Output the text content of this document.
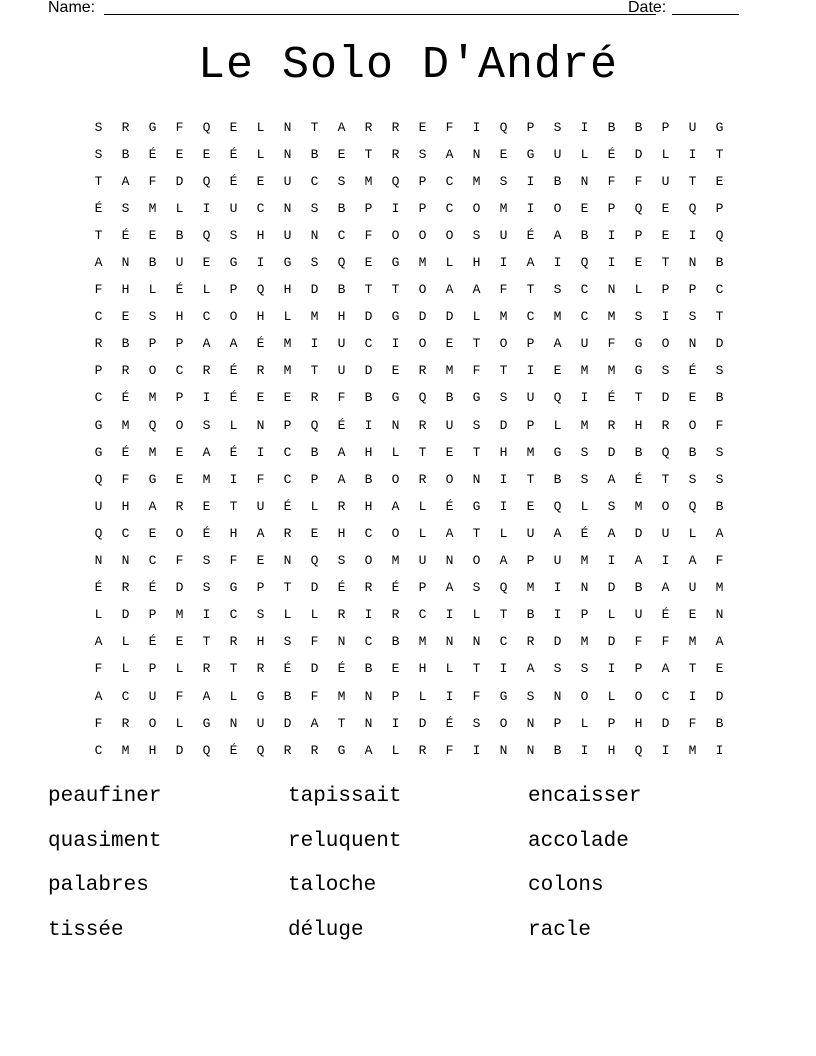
Name:	Date:
Le Solo D'André
S	R	G	F	Q	E	L	N	T	A	R	R	E	F	I	Q	P	S	I	B	B	P	U	G
S	B	É	E	E	É	L	N	B	E	T	R	S	A	N	E	G	U	L	É	D	L	I	T
T	A	F	D	Q	É	E	U	C	S	M	Q	P	C	M	S	I	B	N	F	F	U	T	E
É	S	M	L	I	U	C	N	S	B	P	I	P	C	O	M	I	O	E	P	Q	E	Q	P
T	É	E	B	Q	S	H	U	N	C	F	O	O	O	S	U	É	A	B	I	P	E	I	Q
A	N	B	U	E	G	I	G	S	Q	E	G	M	L	H	I	A	I	Q	I	E	T	N	B
F	H	L	É	L	P	Q	H	D	B	T	T	O	A	A	F	T	S	C	N	L	P	P	C
C	E	S	H	C	O	H	L	M	H	D	G	D	D	L	M	C	M	C	M	S	I	S	T
R	B	P	P	A	A	É	M	I	U	C	I	O	E	T	O	P	A	U	F	G	O	N	D
P	R	O	C	R	É	R	M	T	U	D	E	R	M	F	T	I	E	M	M	G	S	É	S
C	É	M	P	I	É	E	E	R	F	B	G	Q	B	G	S	U	Q	I	É	T	D	E	B
G	M	Q	O	S	L	N	P	Q	É	I	N	R	U	S	D	P	L	M	R	H	R	O	F
G	É	M	E	A	É	I	C	B	A	H	L	T	E	T	H	M	G	S	D	B	Q	B	S
Q	F	G	E	M	I	F	C	P	A	B	O	R	O	N	I	T	B	S	A	É	T	S	S
U	H	A	R	E	T	U	É	L	R	H	A	L	É	G	I	E	Q	L	S	M	O	Q	B
Q	C	E	O	É	H	A	R	E	H	C	O	L	A	T	L	U	A	É	A	D	U	L	A
N	N	C	F	S	F	E	N	Q	S	O	M	U	N	O	A	P	U	M	I	A	I	A	F
É	R	É	D	S	G	P	T	D	É	R	É	P	A	S	Q	M	I	N	D	B	A	U	M
L	D	P	M	I	C	S	L	L	R	I	R	C	I	L	T	B	I	P	L	U	É	E	N
A	L	É	E	T	R	H	S	F	N	C	B	M	N	N	C	R	D	M	D	F	F	M	A
F	L	P	L	R	T	R	É	D	É	B	E	H	L	T	I	A	S	S	I	P	A	T	E
A	C	U	F	A	L	G	B	F	M	N	P	L	I	F	G	S	N	O	L	O	C	I	D
F	R	O	L	G	N	U	D	A	T	N	I	D	É	S	O	N	P	L	P	H	D	F	B
C	M	H	D	Q	É	Q	R	R	G	A	L	R	F	I	N	N	B	I	H	Q	I	M	I
peaufiner	tapissait	encaisser
quasiment	reluquent	accolade
palabres	taloche	colons
tissée	déluge	racle
